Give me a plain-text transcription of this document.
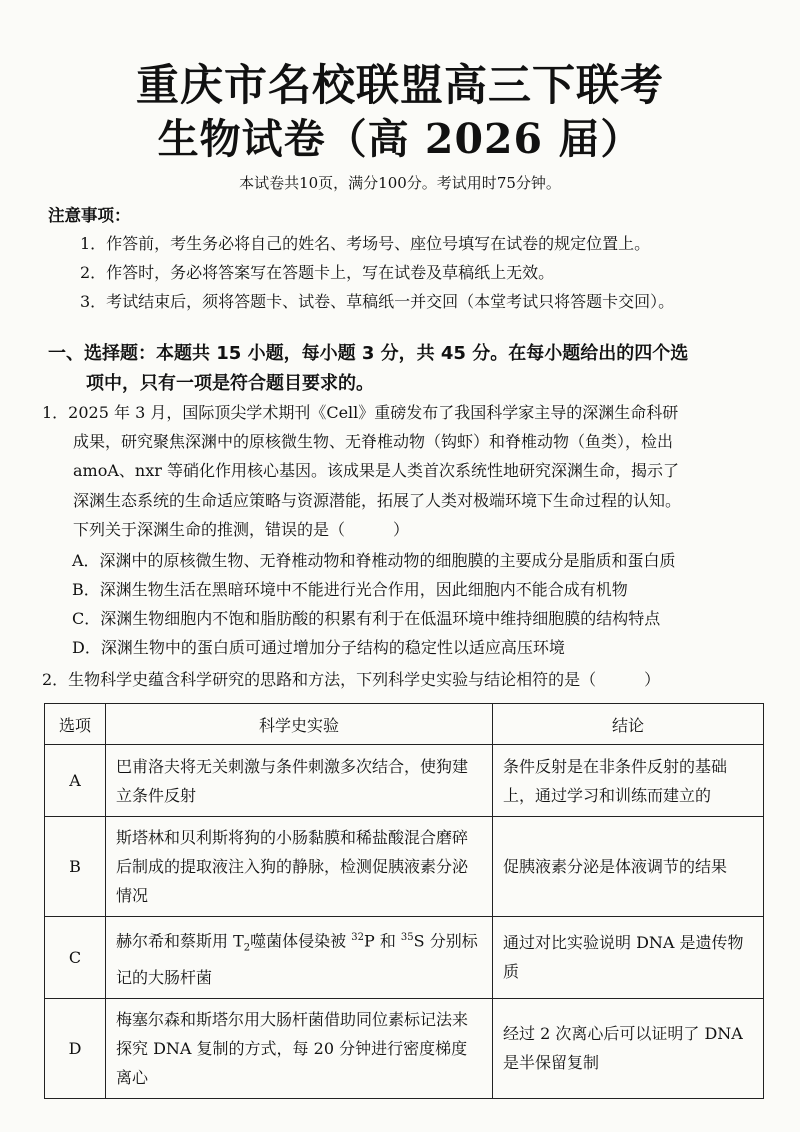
重庆市名校联盟高三下联考
生物试卷（高 2026 届）
本试卷共10页，满分100分。考试用时75分钟。
注意事项：
1．作答前，考生务必将自己的姓名、考场号、座位号填写在试卷的规定位置上。
2．作答时，务必将答案写在答题卡上，写在试卷及草稿纸上无效。
3．考试结束后，须将答题卡、试卷、草稿纸一并交回（本堂考试只将答题卡交回）。
一、选择题：本题共 15 小题，每小题 3 分，共 45 分。在每小题给出的四个选
项中，只有一项是符合题目要求的。
1．2025 年 3 月，国际顶尖学术期刊《Cell》重磅发布了我国科学家主导的深渊生命科研
成果，研究聚焦深渊中的原核微生物、无脊椎动物（钩虾）和脊椎动物（鱼类），检出
amoA、nxr 等硝化作用核心基因。该成果是人类首次系统性地研究深渊生命，揭示了
深渊生态系统的生命适应策略与资源潜能，拓展了人类对极端环境下生命过程的认知。
下列关于深渊生命的推测，错误的是（　　　）
A．深渊中的原核微生物、无脊椎动物和脊椎动物的细胞膜的主要成分是脂质和蛋白质
B．深渊生物生活在黑暗环境中不能进行光合作用，因此细胞内不能合成有机物
C．深渊生物细胞内不饱和脂肪酸的积累有利于在低温环境中维持细胞膜的结构特点
D．深渊生物中的蛋白质可通过增加分子结构的稳定性以适应高压环境
2．生物科学史蕴含科学研究的思路和方法，下列科学史实验与结论相符的是（　　　）
选项	科学史实验	结论
A	巴甫洛夫将无关刺激与条件刺激多次结合，使狗建立条件反射	条件反射是在非条件反射的基础上，通过学习和训练而建立的
B	斯塔林和贝利斯将狗的小肠黏膜和稀盐酸混合磨碎后制成的提取液注入狗的静脉，检测促胰液素分泌情况	促胰液素分泌是体液调节的结果
C	赫尔希和蔡斯用 $T_2$噬菌体侵染被 $^{32}$P 和 $^{35}$S 分别标记的大肠杆菌	通过对比实验说明 DNA 是遗传物质
D	梅塞尔森和斯塔尔用大肠杆菌借助同位素标记法来探究 DNA 复制的方式，每 20 分钟进行密度梯度离心	经过 2 次离心后可以证明了 DNA 是半保留复制
